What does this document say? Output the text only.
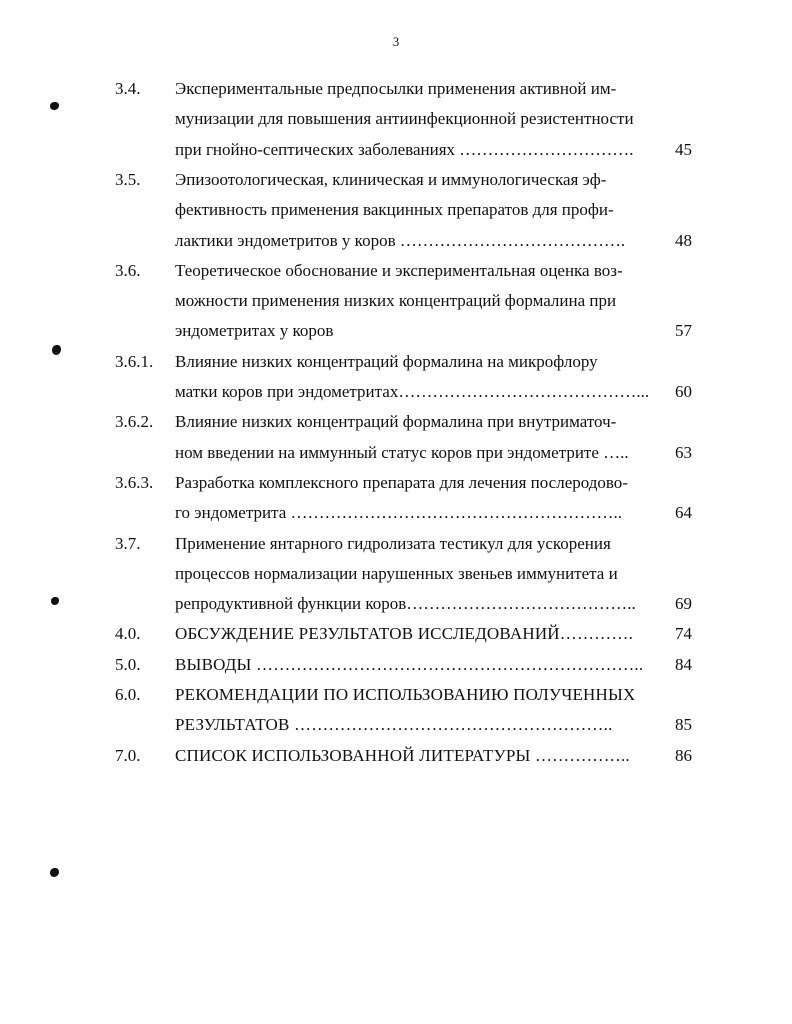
3
3.4. Экспериментальные предпосылки применения активной им-
мунизации для повышения антиинфекционной резистентности
при гнойно-септических заболеваниях ………………………….	45
3.5. Эпизоотологическая, клиническая и иммунологическая эф-
фективность применения вакцинных препаратов для профи-
лактики эндометритов у коров ………………………………….	48
3.6. Теоретическое обоснование и экспериментальная оценка воз-
можности применения низких концентраций формалина при
эндометритах у коров	57
3.6.1. Влияние низких концентраций формалина на микрофлору
матки коров при эндометритах……………………………………...	60
3.6.2. Влияние низких концентраций формалина при внутриматоч-
ном введении на иммунный статус коров при эндометрите …..	63
3.6.3. Разработка комплексного препарата для лечения послеродово-
го эндометрита …………………………………………………..	64
3.7. Применение янтарного гидролизата тестикул для ускорения
процессов нормализации нарушенных звеньев иммунитета и
репродуктивной функции коров…………………………………..	69
4.0. ОБСУЖДЕНИЕ РЕЗУЛЬТАТОВ ИССЛЕДОВАНИЙ………….	74
5.0. ВЫВОДЫ …………………………………………………………..	84
6.0. РЕКОМЕНДАЦИИ ПО ИСПОЛЬЗОВАНИЮ ПОЛУЧЕННЫХ
РЕЗУЛЬТАТОВ ………………………………………………..	85
7.0. СПИСОК ИСПОЛЬЗОВАННОЙ ЛИТЕРАТУРЫ ……………..	86
